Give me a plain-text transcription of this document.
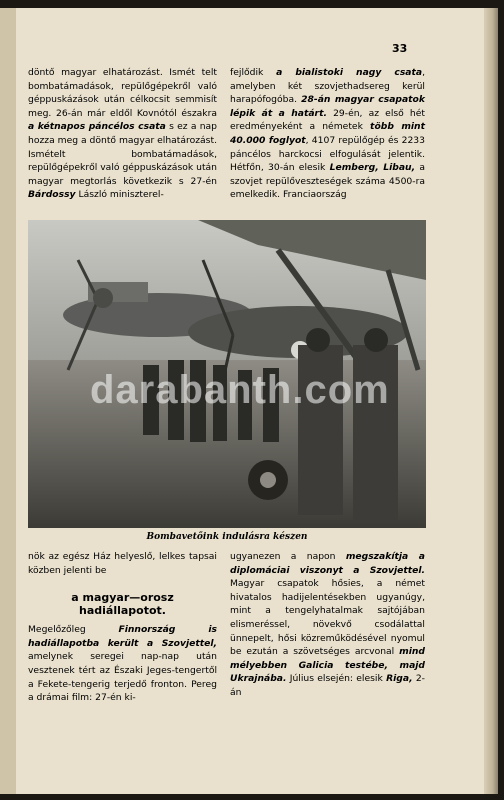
33

döntő magyar elhatározást. Ismét telt bombatámadások, repülőgépekről való géppuskázások után célkocsit semmisít meg. 26-án már eldől Kovnótól északra a kétnapos páncélos csata s ez a nap hozza meg a döntő magyar elhatározást. Ismételt bombatámadások, repülőgépekről való géppuskázások után magyar megtorlás következik s 27-én Bárdossy László miniszterel-

fejlődik a bialistoki nagy csata, amelyben két szovjethadsereg kerül harapófogóba. 28-án magyar csapatok lépik át a határt. 29-én, az első hét eredményeként a németek több mint 40.000 foglyot, 4107 repülőgép és 2233 páncélos harckocsi elfogulását jelentik. Hétfőn, 30-án elesik Lemberg, Libau, a szovjet repülőveszteségek száma 4500-ra emelkedik. Franciaország

darabanth.com
Bombavetőink indulásra készen

nök az egész Ház helyeslő, lelkes tapsai közben jelenti be

a magyar—orosz
hadiállapotot.

Megelőzőleg Finnország is hadiállapotba került a Szovjettel, amelynek seregei nap-nap után vesztenek tért az Északi Jeges-tengertől a Fekete-tengerig terjedő fronton. Pereg a drámai film: 27-én ki-

ugyanezen a napon megszakítja a diplomáciai viszonyt a Szovjettel. Magyar csapatok hősies, a német hivatalos hadijelentésekben ugyanúgy, mint a tengelyhatalmak sajtójában elismeréssel, növekvő csodálattal ünnepelt, hősi közreműködésével nyomul be ezután a szövetséges arcvonal mind mélyebben Galicia testébe, majd Ukrajnába. Július elsején: elesik Riga, 2-án
